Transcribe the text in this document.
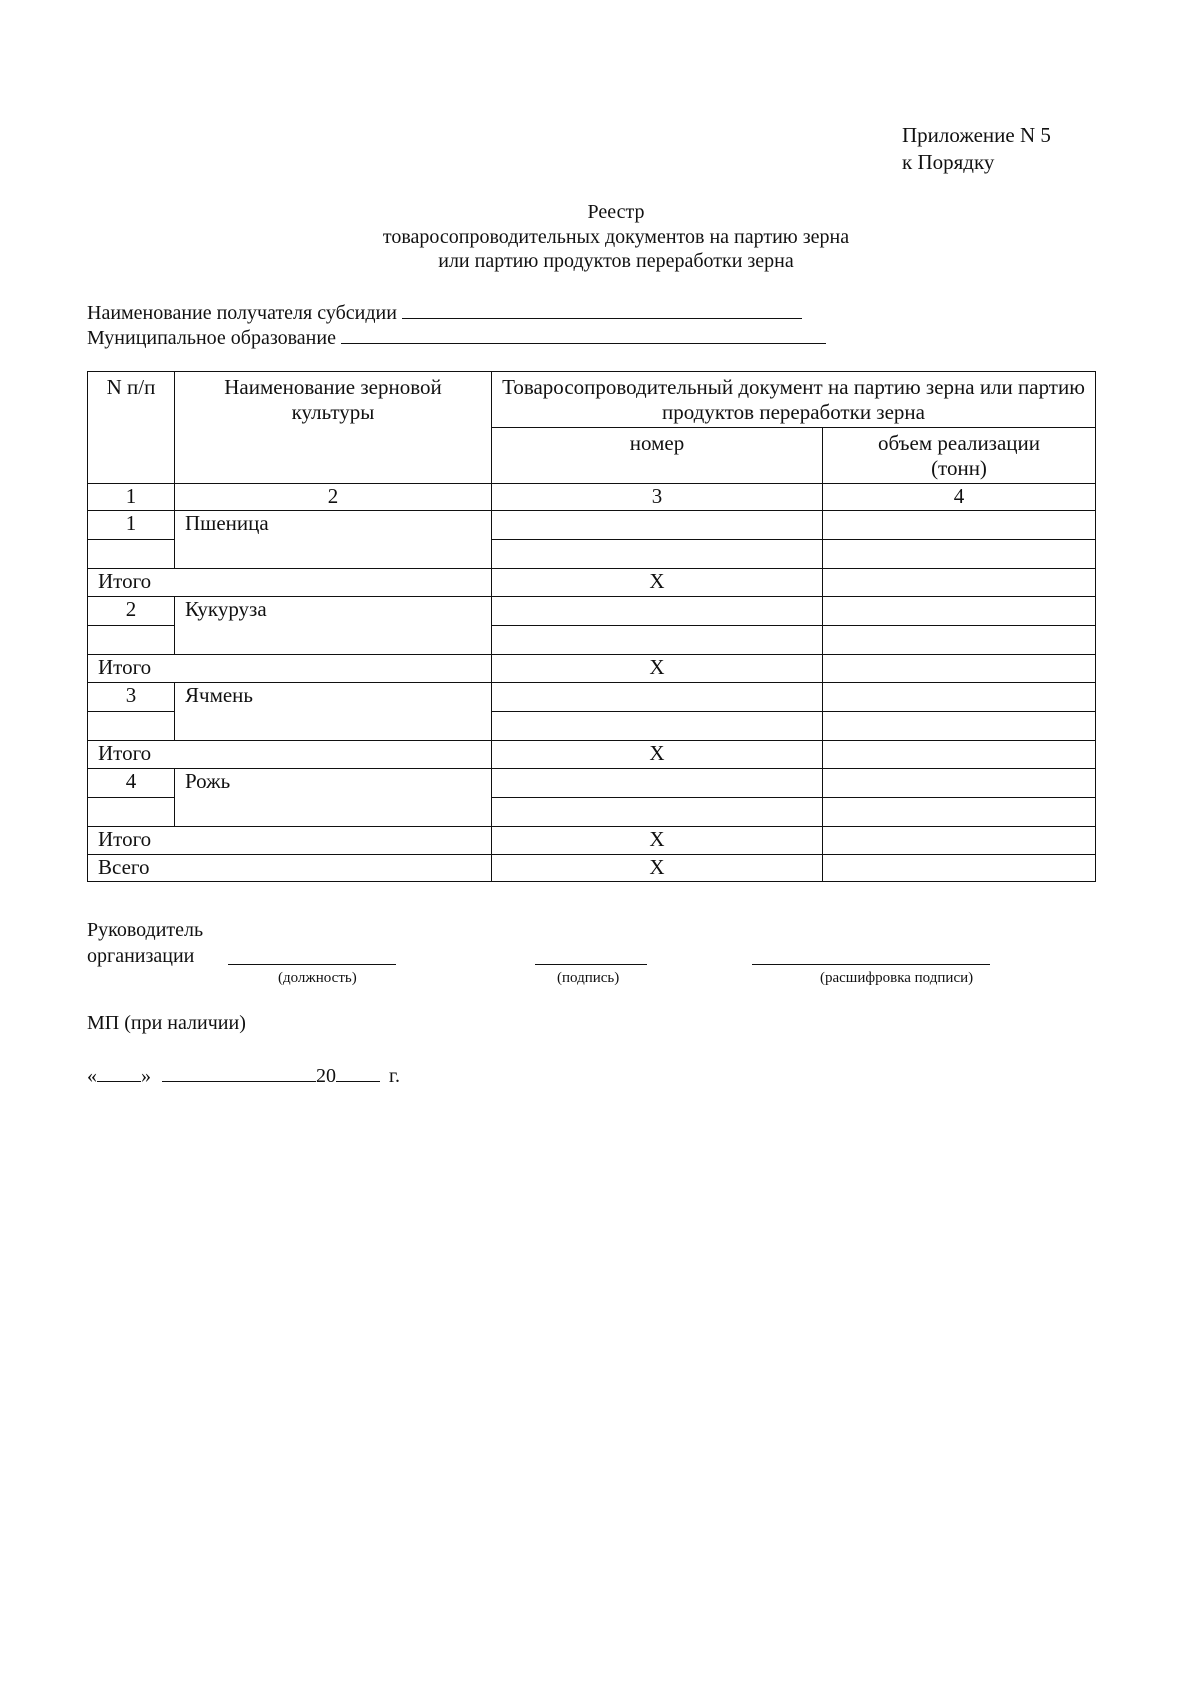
Приложение N 5
к Порядку
Реестр
товаросопроводительных документов на партию зерна
или партию продуктов переработки зерна
Наименование получателя субсидии
Муниципальное образование
N п/п	Наименование зерновой культуры	Товаросопроводительный документ на партию зерна или партию продуктов переработки зерна	
		номер	объем реализации (тонн)
1	2	3	4
1	Пшеница		

Итого		X	
2	Кукуруза		

Итого		X	
3	Ячмень		

Итого		X	
4	Рожь		

Итого		X	
Всего		X	
Руководитель
организации
(должность)	(подпись)	(расшифровка подписи)
МП (при наличии)
« »	20	г.
